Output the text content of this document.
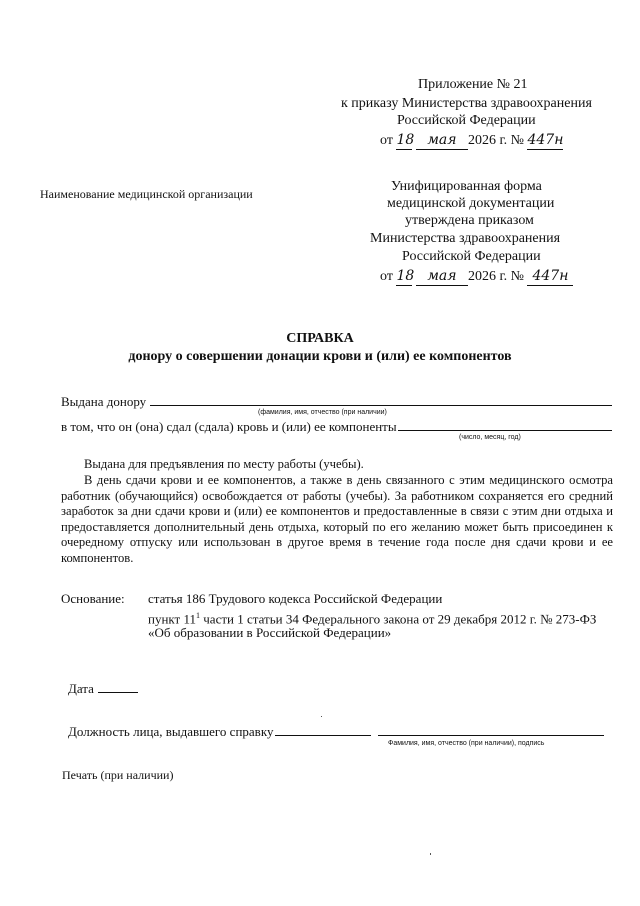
Приложение № 21
к приказу Министерства здравоохранения
Российской Федерации
от 18 мая 2026 г. № 447н
Наименование медицинской организации	Унифицированная форма
медицинской документации
утверждена приказом
Министерства здравоохранения
Российской Федерации
от 18 мая 2026 г. № 447н
СПРАВКА
донору о совершении донации крови и (или) ее компонентов
Выдана донору
(фамилия, имя, отчество (при наличии)
в том, что он (она) сдал (сдала) кровь и (или) ее компоненты
(число, месяц, год)
Выдана для предъявления по месту работы (учебы).
В день сдачи крови и ее компонентов, а также в день связанного с этим медицинского осмотра работник (обучающийся) освобождается от работы (учебы). За работником сохраняется его средний заработок за дни сдачи крови и (или) ее компонентов и предоставленные в связи с этим дни отдыха и предоставляется дополнительный день отдыха, который по его желанию может быть присоединен к очередному отпуску или использован в другое время в течение года после дня сдачи крови и ее компонентов.
Основание: статья 186 Трудового кодекса Российской Федерации
пункт $11^1$ части 1 статьи 34 Федерального закона от 29 декабря 2012 г. № 273-ФЗ
«Об образовании в Российской Федерации»
Дата
Должность лица, выдавшего справку
Фамилия, имя, отчество (при наличии), подпись
Печать (при наличии)
